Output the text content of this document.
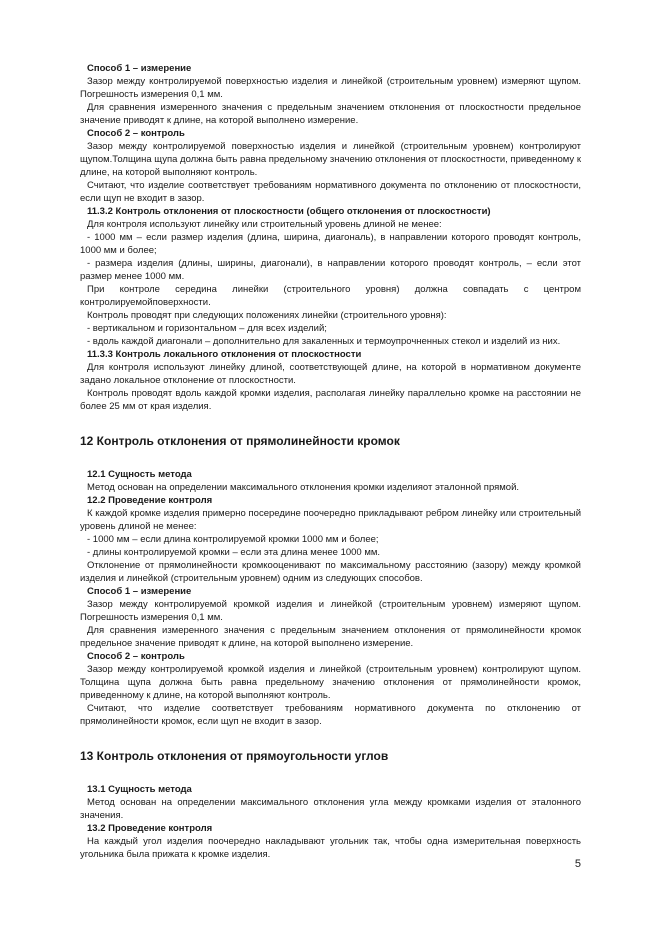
Способ 1 – измерение
Зазор между контролируемой поверхностью изделия и линейкой (строительным уровнем) измеряют щупом. Погрешность измерения 0,1 мм.
Для сравнения измеренного значения с предельным значением отклонения от плоскостности предельное значение приводят к длине, на которой выполнено измерение.
Способ 2 – контроль
Зазор между контролируемой поверхностью изделия и линейкой (строительным уровнем) контролируют щупом.Толщина щупа должна быть равна предельному значению отклонения от плоскостности, приведенному к длине, на которой выполняют контроль.
Считают, что изделие соответствует требованиям нормативного документа по отклонению от плоскостности, если щуп не входит в зазор.
11.3.2 Контроль отклонения от плоскостности (общего отклонения от плоскостности)
Для контроля используют линейку или строительный уровень длиной не менее:
- 1000 мм – если размер изделия (длина, ширина, диагональ), в направлении которого проводят контроль, 1000 мм и более;
- размера изделия (длины, ширины, диагонали), в направлении которого проводят контроль, – если этот размер менее 1000 мм.
При контроле середина линейки (строительного уровня) должна совпадать с центром контролируемойповерхности.
Контроль проводят при следующих положениях линейки (строительного уровня):
- вертикальном и горизонтальном – для всех изделий;
- вдоль каждой диагонали – дополнительно для закаленных и термоупрочненных стекол и изделий из них.
11.3.3 Контроль локального отклонения от плоскостности
Для контроля используют линейку длиной, соответствующей длине, на которой в нормативном документе задано локальное отклонение от плоскостности.
Контроль проводят вдоль каждой кромки изделия, располагая линейку параллельно кромке на расстоянии не более 25 мм от края изделия.
12 Контроль отклонения от прямолинейности кромок
12.1 Сущность метода
Метод основан на определении максимального отклонения кромки изделияот эталонной прямой.
12.2 Проведение контроля
К каждой кромке изделия примерно посередине поочередно прикладывают ребром линейку или строительный уровень длиной не менее:
- 1000 мм – если длина контролируемой кромки 1000 мм и более;
- длины контролируемой кромки – если эта длина менее 1000 мм.
Отклонение от прямолинейности кромкооценивают по максимальному расстоянию (зазору) между кромкой изделия и линейкой (строительным уровнем) одним из следующих способов.
Способ 1 – измерение
Зазор между контролируемой кромкой изделия и линейкой (строительным уровнем) измеряют щупом. Погрешность измерения 0,1 мм.
Для сравнения измеренного значения с предельным значением отклонения от прямолинейности кромок предельное значение приводят к длине, на которой выполнено измерение.
Способ 2 – контроль
Зазор между контролируемой кромкой изделия и линейкой (строительным уровнем) контролируют щупом. Толщина щупа должна быть равна предельному значению отклонения от прямолинейности кромок, приведенному к длине, на которой выполняют контроль.
Считают, что изделие соответствует требованиям нормативного документа по отклонению от прямолинейности кромок, если щуп не входит в зазор.
13 Контроль отклонения от прямоугольности углов
13.1 Сущность метода
Метод основан на определении максимального отклонения угла между кромками изделия от эталонного значения.
13.2 Проведение контроля
На каждый угол изделия поочередно накладывают угольник так, чтобы одна измерительная поверхность угольника была прижата к кромке изделия.
5
